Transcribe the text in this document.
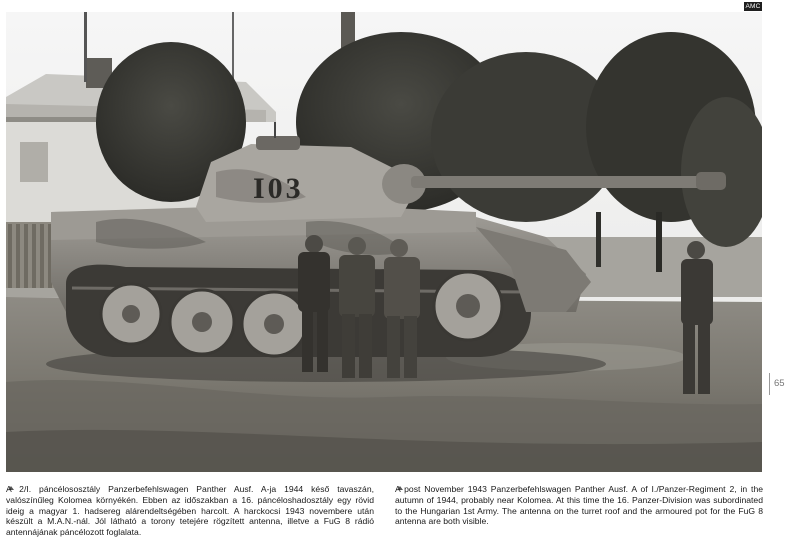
AMC
I03
65
A 2/I. páncélososztály Panzerbefehlswagen Panther Ausf. A-ja 1944 késő tavaszán, valószínűleg Kolomea környékén. Ebben az időszakban a 16. páncéloshadosztály egy rövid ideig a magyar 1. hadsereg alárendeltségében harcolt. A harckocsi 1943 novembere után készült a M.A.N.-nál. Jól látható a torony tetejére rögzített antenna, illetve a FuG 8 rádió antennájának páncélozott foglalata.
A post November 1943 Panzerbefehlswagen Panther Ausf. A of I./Panzer-Regiment 2, in the autumn of 1944, probably near Kolomea. At this time the 16. Panzer-Division was subordinated to the Hungarian 1st Army. The antenna on the turret roof and the armoured pot for the FuG 8 antenna are both visible.
